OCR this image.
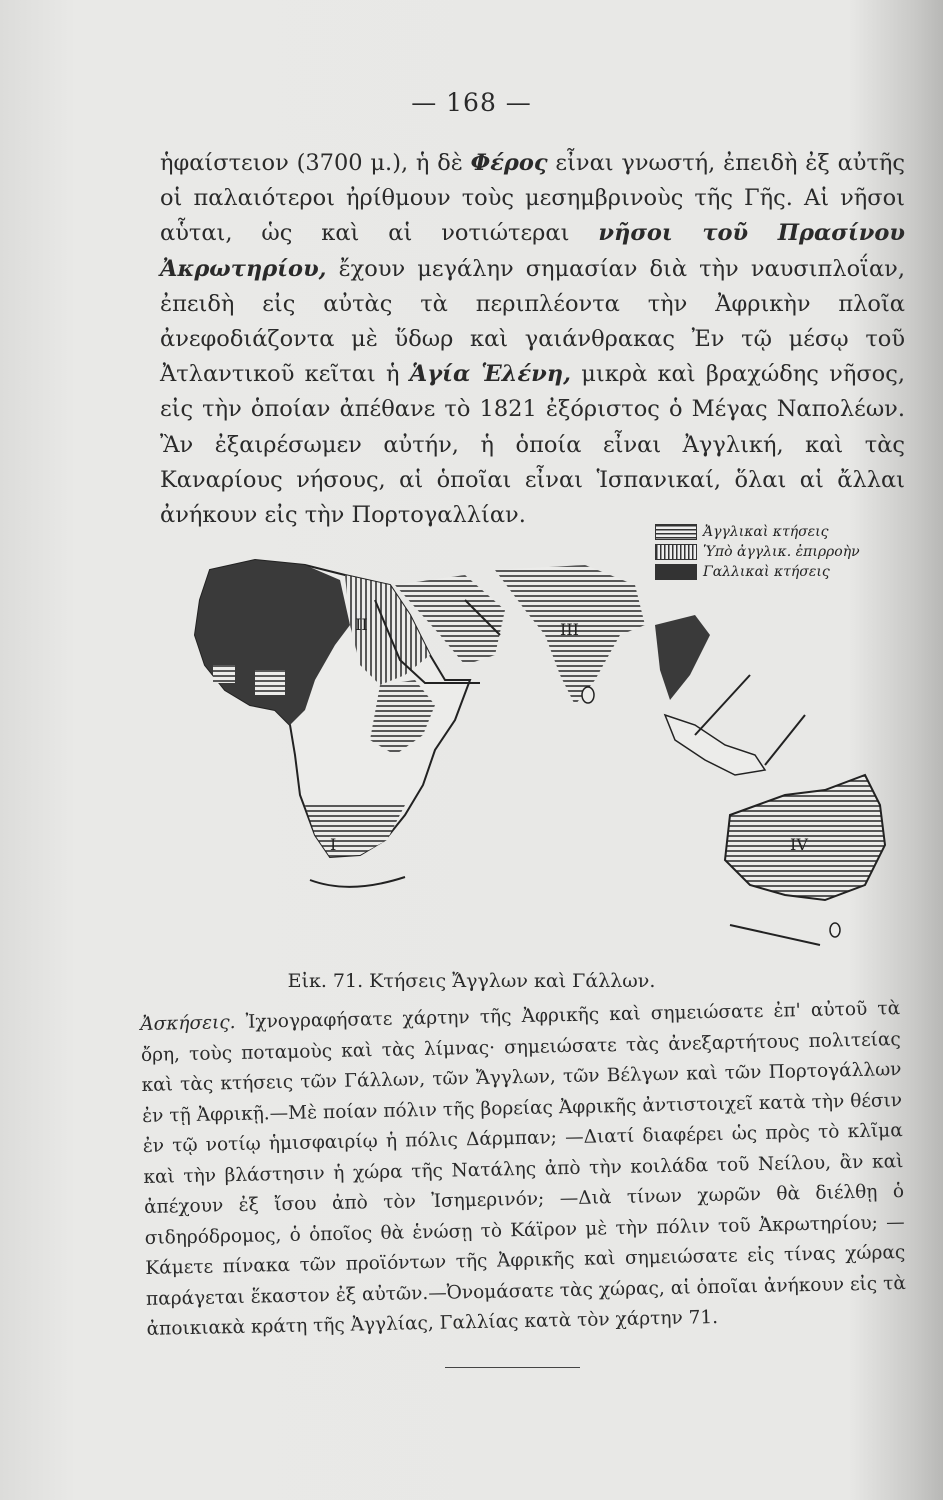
— 168 —

ἡφαίστειον (3700 μ.), ἡ δὲ Φέρος εἶναι γνωστή, ἐπειδὴ ἐξ αὐτῆς οἱ παλαιότεροι ἠρίθμουν τοὺς μεσημβρινοὺς τῆς Γῆς. Αἱ νῆσοι αὗται, ὡς καὶ αἱ νοτιώτεραι νῆσοι τοῦ Πρασίνου Ἀκρωτηρίου, ἔχουν μεγάλην σημασίαν διὰ τὴν ναυσιπλοΐαν, ἐπειδὴ εἰς αὐτὰς τὰ περιπλέοντα τὴν Ἀφρικὴν πλοῖα ἀνεφοδιάζοντα μὲ ὕδωρ καὶ γαιάνθρακας Ἐν τῷ μέσῳ τοῦ Ἀτλαντικοῦ κεῖται ἡ Ἁγία Ἑλένη, μικρὰ καὶ βραχώδης νῆσος, εἰς τὴν ὁποίαν ἀπέθανε τὸ 1821 ἐξόριστος ὁ Μέγας Ναπολέων. Ἂν ἐξαιρέσωμεν αὐτήν, ἡ ὁποία εἶναι Ἀγγλική, καὶ τὰς Καναρίους νήσους, αἱ ὁποῖαι εἶναι Ἱσπανικαί, ὅλαι αἱ ἄλλαι ἀνήκουν εἰς τὴν Πορτογαλλίαν.

I
II	III
IV
Ἀγγλικαὶ κτήσεις
Ὑπὸ ἀγγλικ. ἐπιρροὴν
Γαλλικαὶ κτήσεις
Εἰκ. 71. Κτήσεις Ἄγγλων καὶ Γάλλων.
Ἀσκήσεις. Ἰχνογραφήσατε χάρτην τῆς Ἀφρικῆς καὶ σημειώσατε ἐπ' αὐτοῦ τὰ ὄρη, τοὺς ποταμοὺς καὶ τὰς λίμνας· σημειώσατε τὰς ἀνεξαρτήτους πολιτείας καὶ τὰς κτήσεις τῶν Γάλλων, τῶν Ἄγγλων, τῶν Βέλγων καὶ τῶν Πορτογάλλων ἐν τῇ Ἀφρικῇ.—Μὲ ποίαν πόλιν τῆς βορείας Ἀφρικῆς ἀντιστοιχεῖ κατὰ τὴν θέσιν ἐν τῷ νοτίῳ ἡμισφαιρίῳ ἡ πόλις Δάρμπαν; —Διατί διαφέρει ὡς πρὸς τὸ κλῖμα καὶ τὴν βλάστησιν ἡ χώρα τῆς Νατάλης ἀπὸ τὴν κοιλάδα τοῦ Νείλου, ἂν καὶ ἀπέχουν ἐξ ἴσου ἀπὸ τὸν Ἰσημερινόν; —Διὰ τίνων χωρῶν θὰ διέλθῃ ὁ σιδηρόδρομος, ὁ ὁποῖος θὰ ἑνώσῃ τὸ Κάϊρον μὲ τὴν πόλιν τοῦ Ἀκρωτηρίου; — Κάμετε πίνακα τῶν προϊόντων τῆς Ἀφρικῆς καὶ σημειώσατε εἰς τίνας χώρας παράγεται ἕκαστον ἐξ αὐτῶν.—Ὀνομάσατε τὰς χώρας, αἱ ὁποῖαι ἀνήκουν εἰς τὰ ἀποικιακὰ κράτη τῆς Ἀγγλίας, Γαλλίας κατὰ τὸν χάρτην 71.
